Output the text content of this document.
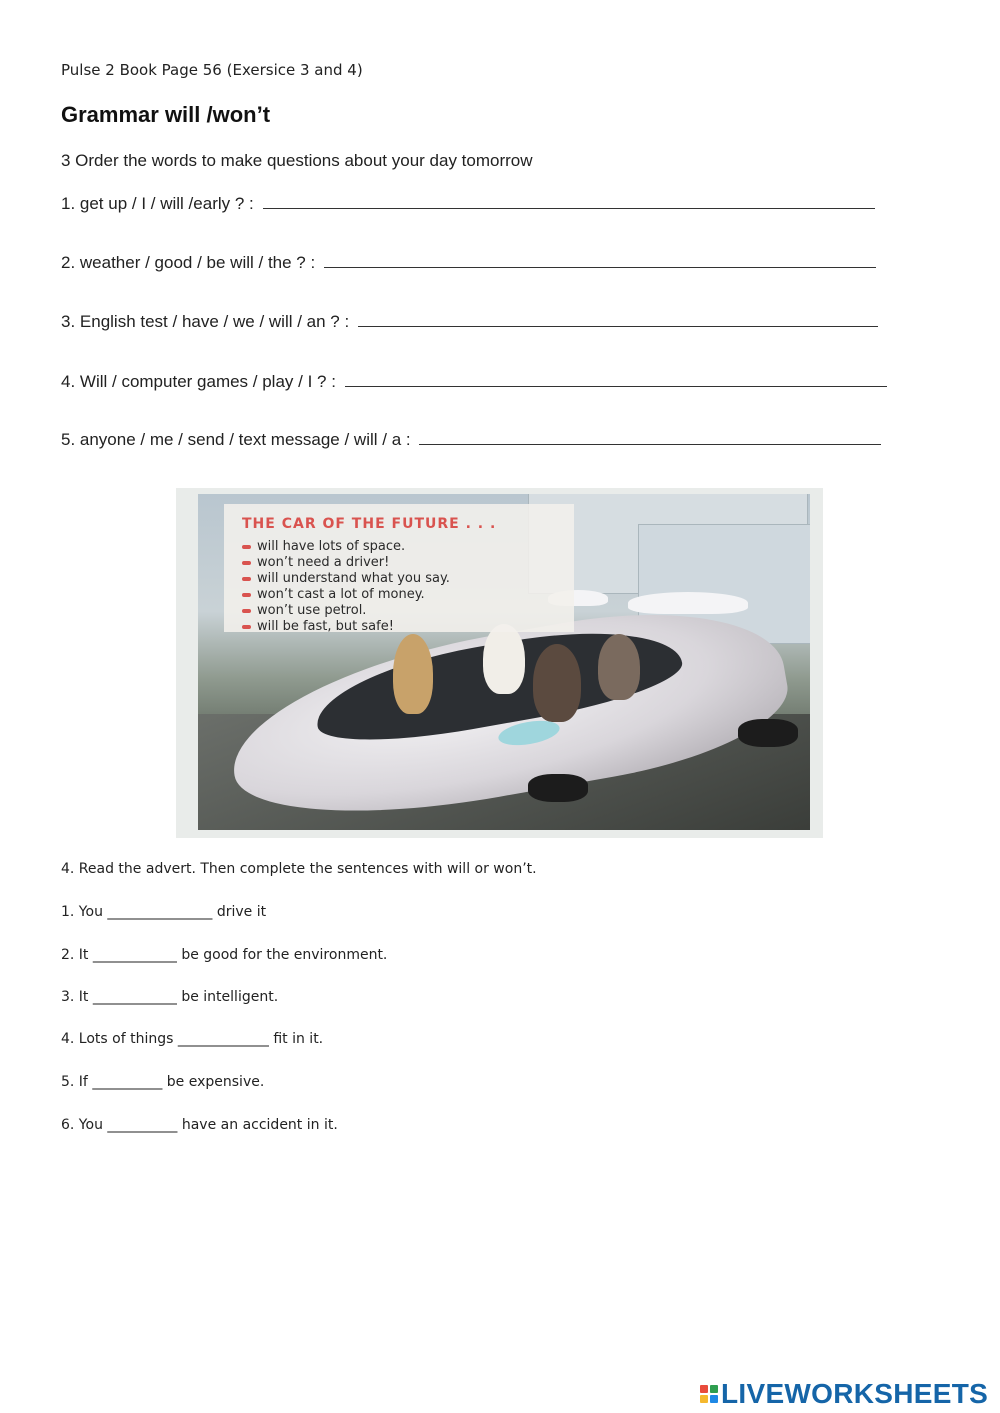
Pulse 2 Book Page 56 (Exersice 3 and 4)
Grammar will /won’t
3 Order the words to make questions about your day tomorrow
1. get up / I / will /early ? :
2. weather / good / be will / the ? :
3. English test / have / we / will / an ? :
4. Will / computer games / play / I ? :
5. anyone / me / send / text message / will / a :
THE CAR OF THE FUTURE . . .
will have lots of space.
won’t need a driver!
will understand what you say.
won’t cast a lot of money.
won’t use petrol.
will be fast, but safe!
4. Read the advert. Then complete the sentences with will or won’t.
1. You _______________ drive it
2. It ____________ be good for the environment.
3. It ____________ be intelligent.
4. Lots of things _____________ fit in it.
5. If __________ be expensive.
6. You __________ have an accident in it.
LIVEWORKSHEETS
